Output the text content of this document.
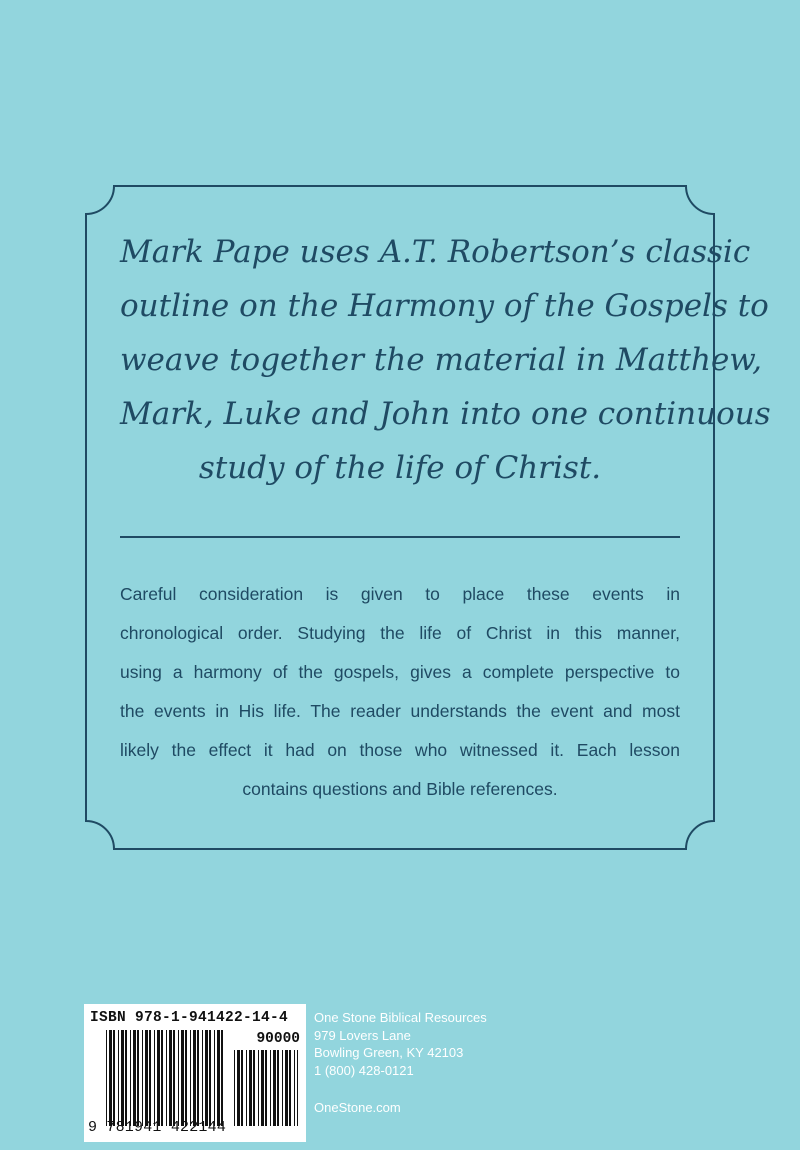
Mark Pape uses A.T. Robertson’s classic
outline on the Harmony of the Gospels to
weave together the material in Matthew,
Mark, Luke and John into one continuous
study of the life of Christ.

Careful consideration is given to place these events in
chronological order. Studying the life of Christ in this manner,
using a harmony of the gospels, gives a complete perspective to
the events in His life. The reader understands the event and most
likely the effect it had on those who witnessed it. Each lesson
contains questions and Bible references.

ISBN 978-1-941422-14-4
90000
9 781941 422144
One Stone Biblical Resources
979 Lovers Lane
Bowling Green, KY 42103
1 (800) 428-0121
OneStone.com
